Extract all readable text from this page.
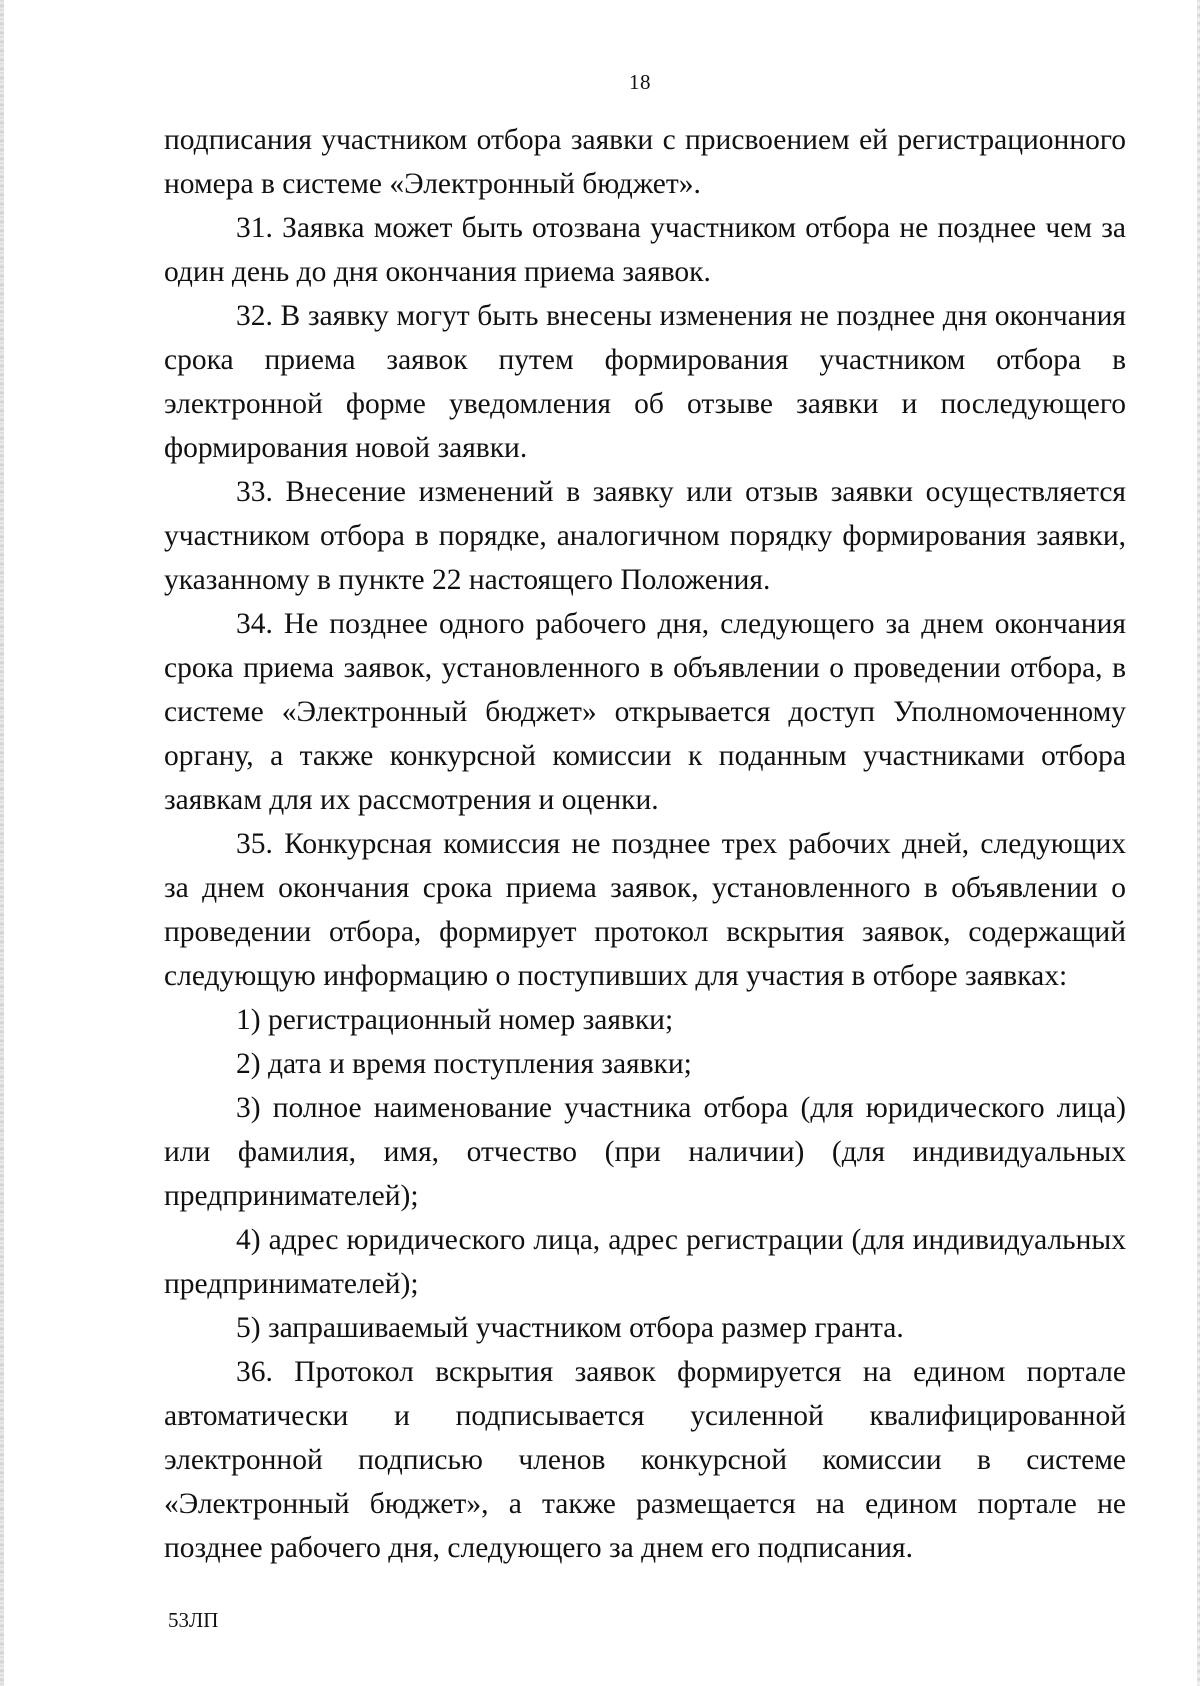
18

подписания участником отбора заявки с присвоением ей регистрационного номера в системе «Электронный бюджет».

31. Заявка может быть отозвана участником отбора не позднее чем за один день до дня окончания приема заявок.

32. В заявку могут быть внесены изменения не позднее дня окончания срока приема заявок путем формирования участником отбора в электронной форме уведомления об отзыве заявки и последующего формирования новой заявки.

33. Внесение изменений в заявку или отзыв заявки осуществляется участником отбора в порядке, аналогичном порядку формирования заявки, указанному в пункте 22 настоящего Положения.

34. Не позднее одного рабочего дня, следующего за днем окончания срока приема заявок, установленного в объявлении о проведении отбора, в системе «Электронный бюджет» открывается доступ Уполномоченному органу, а также конкурсной комиссии к поданным участниками отбора заявкам для их рассмотрения и оценки.

35. Конкурсная комиссия не позднее трех рабочих дней, следующих за днем окончания срока приема заявок, установленного в объявлении о проведении отбора, формирует протокол вскрытия заявок, содержащий следующую информацию о поступивших для участия в отборе заявках:

1) регистрационный номер заявки;

2) дата и время поступления заявки;

3) полное наименование участника отбора (для юридического лица) или фамилия, имя, отчество (при наличии) (для индивидуальных предпринимателей);

4) адрес юридического лица, адрес регистрации (для индивидуальных предпринимателей);

5) запрашиваемый участником отбора размер гранта.

36. Протокол вскрытия заявок формируется на едином портале автоматически и подписывается усиленной квалифицированной электронной подписью членов конкурсной комиссии в системе «Электронный бюджет», а также размещается на едином портале не позднее рабочего дня, следующего за днем его подписания.

53ЛП
